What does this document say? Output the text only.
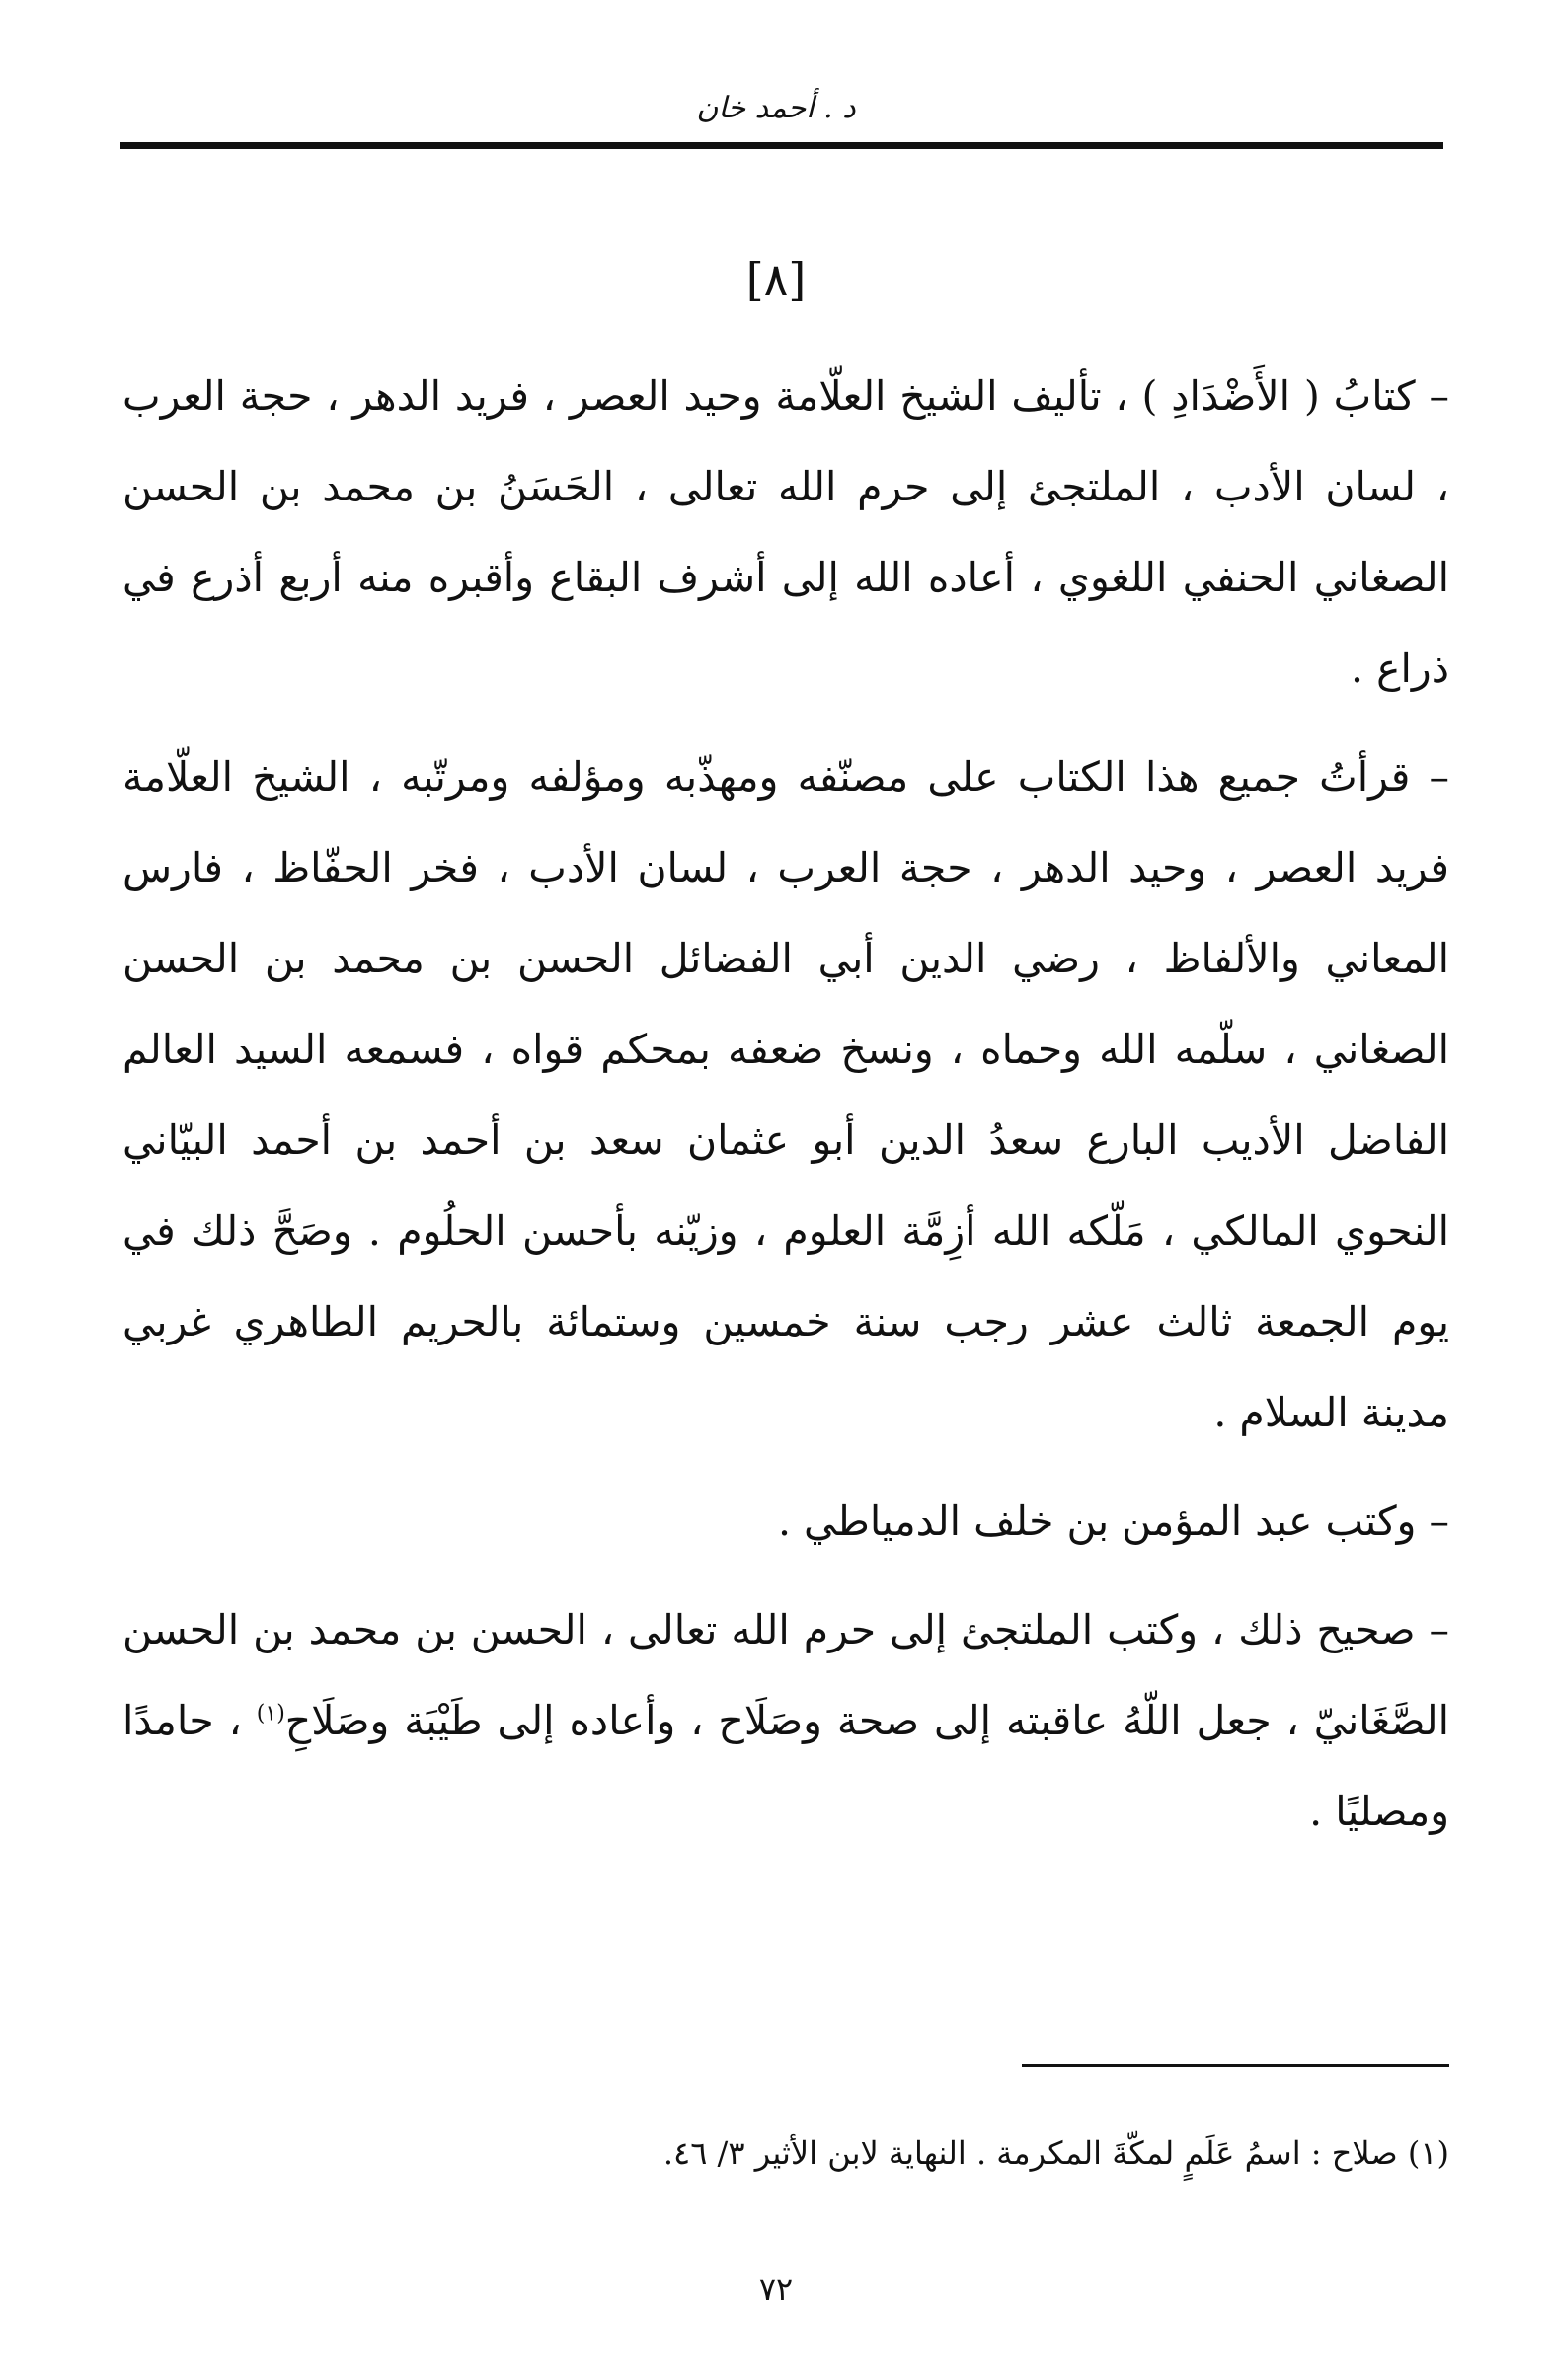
د . أحمد خان
[٨]

– كتابُ ( الأَضْدَادِ ) ، تأليف الشيخ العلّامة وحيد العصر ، فريد الدهر ، حجة العرب ، لسان الأدب ، الملتجئ إلى حرم الله تعالى ، الحَسَنُ بن محمد بن الحسن الصغاني الحنفي اللغوي ، أعاده الله إلى أشرف البقاع وأقبره منه أربع أذرع في ذراع .

– قرأتُ جميع هذا الكتاب على مصنّفه ومهذّبه ومؤلفه ومرتّبه ، الشيخ العلّامة فريد العصر ، وحيد الدهر ، حجة العرب ، لسان الأدب ، فخر الحفّاظ ، فارس المعاني والألفاظ ، رضي الدين أبي الفضائل الحسن بن محمد بن الحسن الصغاني ، سلّمه الله وحماه ، ونسخ ضعفه بمحكم قواه ، فسمعه السيد العالم الفاضل الأديب البارع سعدُ الدين أبو عثمان سعد بن أحمد بن أحمد البيّاني النحوي المالكي ، مَلّكه الله أزِمَّة العلوم ، وزيّنه بأحسن الحلُوم . وصَحَّ ذلك في يوم الجمعة ثالث عشر رجب سنة خمسين وستمائة بالحريم الطاهري غربي مدينة السلام .

– وكتب عبد المؤمن بن خلف الدمياطي .

– صحيح ذلك ، وكتب الملتجئ إلى حرم الله تعالى ، الحسن بن محمد بن الحسن الصَّغَانيّ ، جعل اللّهُ عاقبته إلى صحة وصَلَاح ، وأعاده إلى طَيْبَة وصَلَاحِ$^{(١)}$ ، حامدًا ومصليًا .

(١) صلاح : اسمُ عَلَمٍ لمكّةَ المكرمة . النهاية لابن الأثير ٣/ ٤٦.
٧٢
